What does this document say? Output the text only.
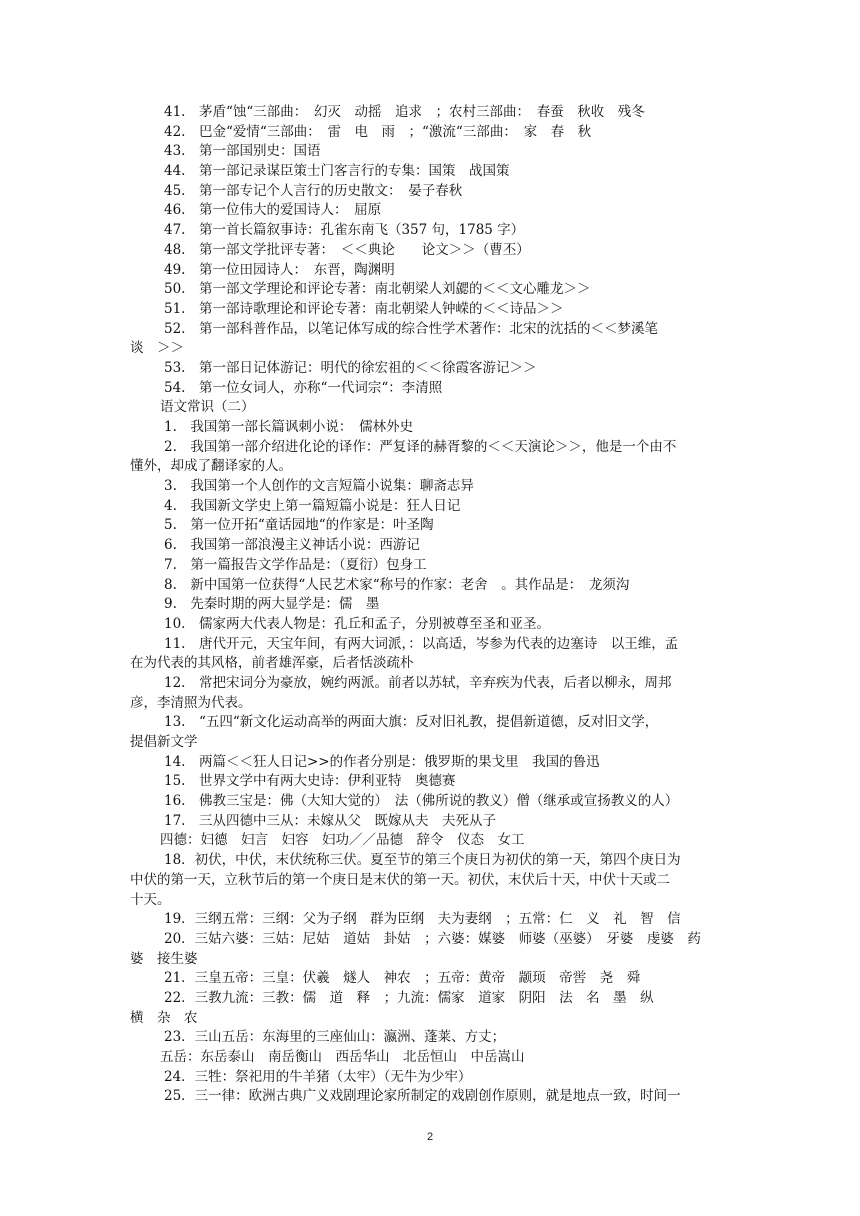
41.　茅盾“蚀“三部曲：　幻灭　动摇　追求　；农村三部曲：　春蚕　秋收　残冬
42.　巴金“爱情“三部曲：　雷　电　雨　；“激流“三部曲：　家　春　秋
43.　第一部国别史：国语
44.　第一部记录谋臣策士门客言行的专集：国策　战国策
45.　第一部专记个人言行的历史散文：　晏子春秋
46.　第一位伟大的爱国诗人：　屈原
47.　第一首长篇叙事诗：孔雀东南飞（357 句，1785 字）
48.　第一部文学批评专著：　＜＜典论　　论文＞＞（曹丕）
49.　第一位田园诗人：　东晋，陶渊明
50.　第一部文学理论和评论专著：南北朝梁人刘勰的＜＜文心雕龙＞＞
51.　第一部诗歌理论和评论专著：南北朝梁人钟嵘的＜＜诗品＞＞
52.　第一部科普作品，以笔记体写成的综合性学术著作：北宋的沈括的＜＜梦溪笔
谈　＞＞
53.　第一部日记体游记：明代的徐宏祖的＜＜徐霞客游记＞＞
54.　第一位女词人，亦称“一代词宗“：李清照
语文常识（二）
1.　我国第一部长篇讽刺小说：　儒林外史
2.　我国第一部介绍进化论的译作：严复译的赫胥黎的＜＜天演论＞＞，他是一个由不
懂外，却成了翻译家的人。
3.　我国第一个人创作的文言短篇小说集：聊斋志异
4.　我国新文学史上第一篇短篇小说是：狂人日记
5.　第一位开拓“童话园地“的作家是：叶圣陶
6.　我国第一部浪漫主义神话小说：西游记
7.　第一篇报告文学作品是：（夏衍）包身工
8.　新中国第一位获得“人民艺术家“称号的作家：老舍　。其作品是：　龙须沟
9.　先秦时期的两大显学是：儒　墨
10.　儒家两大代表人物是：孔丘和孟子，分别被尊至圣和亚圣。
11.　唐代开元，天宝年间，有两大词派，：以高适，岑参为代表的边塞诗　以王维，孟
在为代表的其风格，前者雄浑豪，后者恬淡疏朴
12.　常把宋词分为豪放，婉约两派。前者以苏轼，辛弃疾为代表，后者以柳永，周邦
彦，李清照为代表。
13.　“五四“新文化运动高举的两面大旗：反对旧礼教，提倡新道德，反对旧文学，
提倡新文学
14.　两篇＜＜狂人日记>>的作者分别是：俄罗斯的果戈里　我国的鲁迅
15.　世界文学中有两大史诗：伊利亚特　奥德赛
16.　佛教三宝是：佛（大知大觉的）　法（佛所说的教义）僧（继承或宣扬教义的人）
17.　三从四德中三从：未嫁从父　既嫁从夫　夫死从子
四德：妇德　妇言　妇容　妇功／／品德　辞令　仪态　女工
18．初伏，中伏，末伏统称三伏。夏至节的第三个庚日为初伏的第一天，第四个庚日为
中伏的第一天，立秋节后的第一个庚日是末伏的第一天。初伏，末伏后十天，中伏十天或二
十天。
19．三纲五常：三纲：父为子纲　群为臣纲　夫为妻纲　；五常：仁　义　礼　智　信
20．三姑六婆：三姑：尼姑　道姑　卦姑　；六婆：媒婆　师婆（巫婆）　牙婆　虔婆　药
婆　接生婆
21．三皇五帝：三皇：伏羲　燧人　神农　；五帝：黄帝　颛顼　帝喾　尧　舜
22．三教九流：三教：儒　道　释　；九流：儒家　道家　阴阳　法　名　墨　纵
横　杂　农
23．三山五岳：东海里的三座仙山：瀛洲、蓬莱、方丈；
五岳：东岳泰山　南岳衡山　西岳华山　北岳恒山　中岳嵩山
24．三牲：祭祀用的牛羊猪（太牢）（无牛为少牢）
25．三一律：欧洲古典广义戏剧理论家所制定的戏剧创作原则，就是地点一致，时间一
2
